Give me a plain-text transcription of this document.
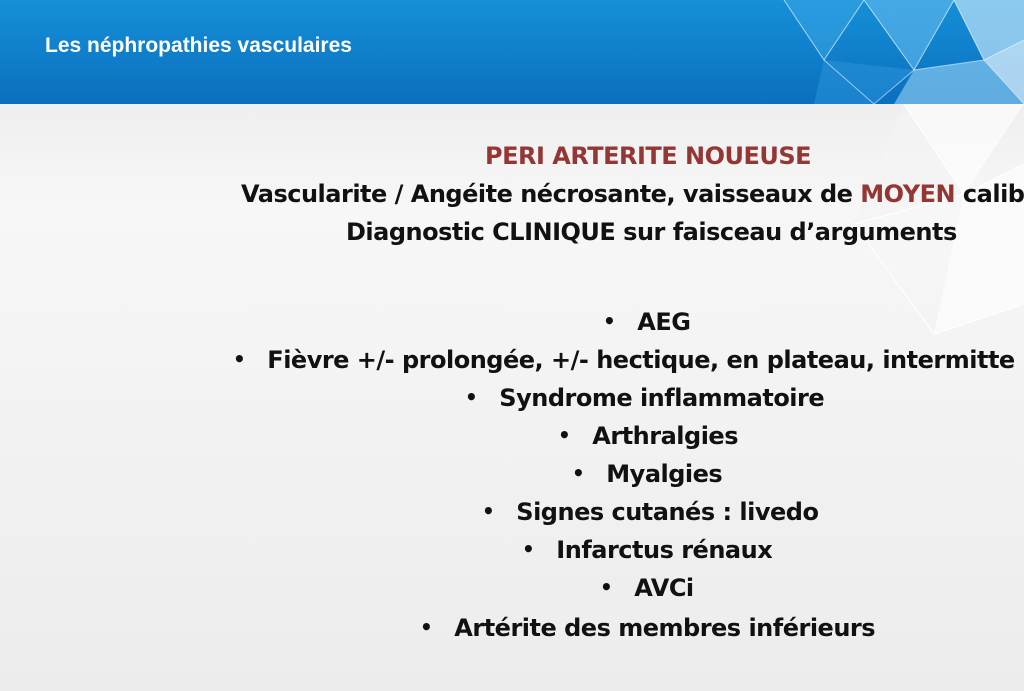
Les néphropathies vasculaires
PERI ARTERITE NOUEUSE
Vascularite / Angéite nécrosante, vaisseaux de MOYEN calib
Diagnostic CLINIQUE sur faisceau d’arguments
• AEG
• Fièvre +/- prolongée, +/- hectique, en plateau, intermitte
• Syndrome inflammatoire
• Arthralgies
• Myalgies
• Signes cutanés : livedo
• Infarctus rénaux
• AVCi
• Artérite des membres inférieurs
